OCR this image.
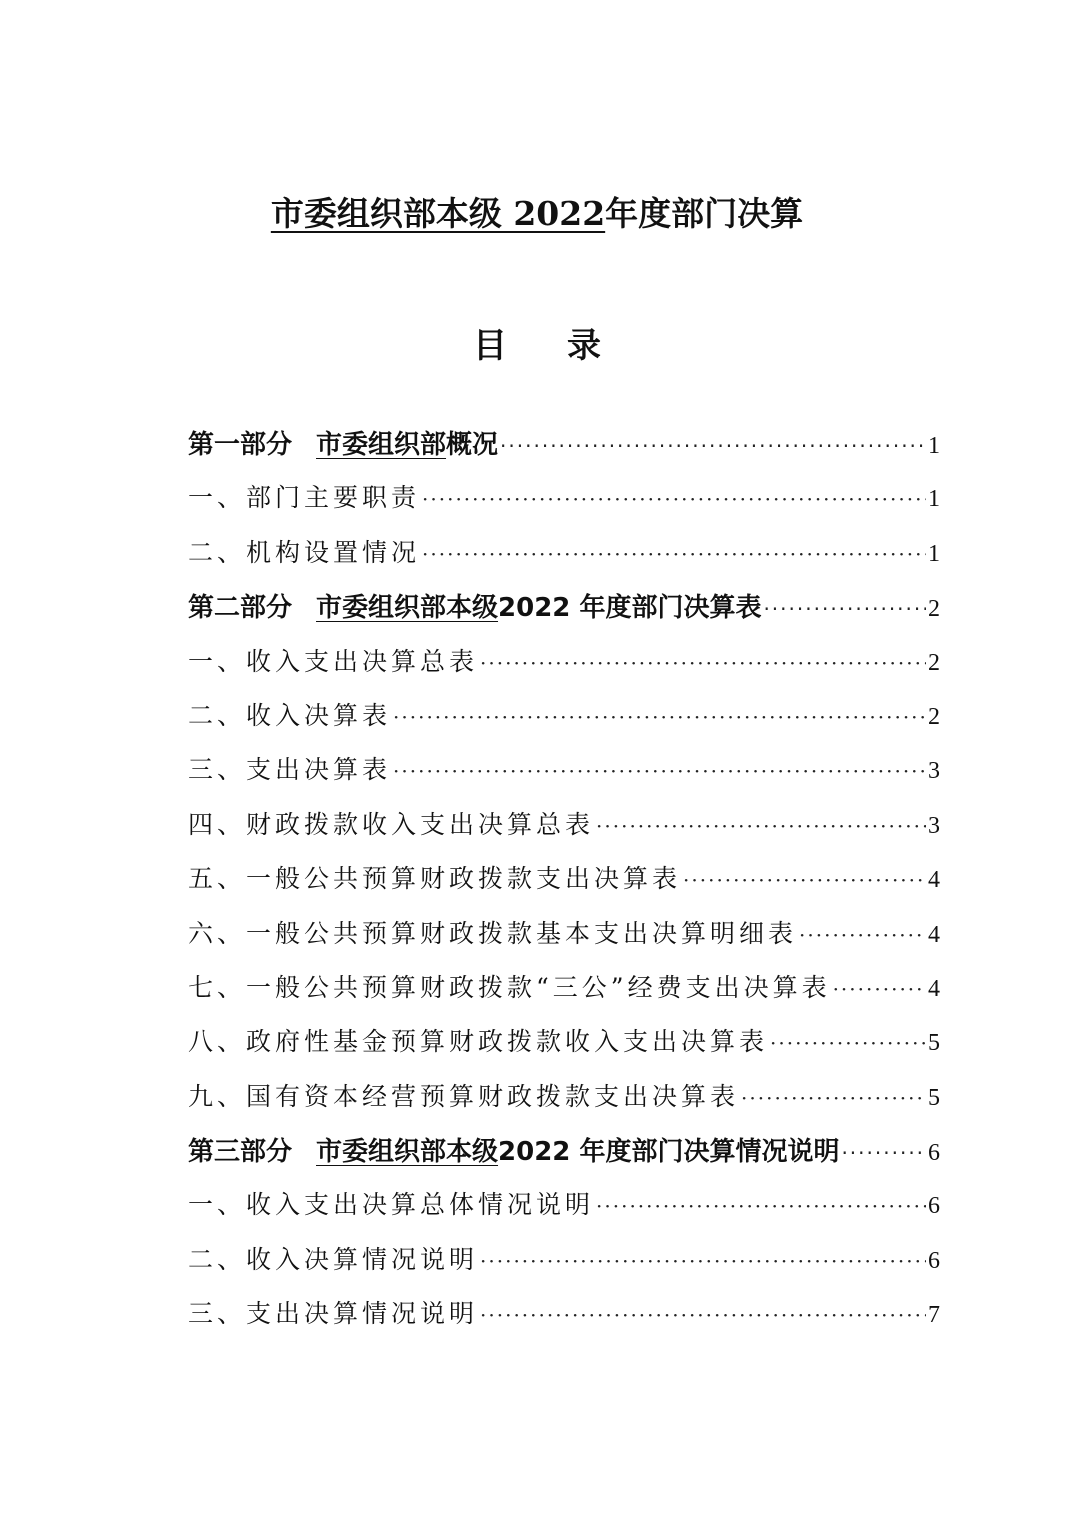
市委组织部本级 2022年度部门决算
目录
第一部分 市委组织部概况 ·····	1
一、部门主要职责 ·····	1
二、机构设置情况 ·····	1
第二部分 市委组织部本级2022 年度部门决算表 ·····	2
一、收入支出决算总表 ·····	2
二、收入决算表 ·····	2
三、支出决算表 ·····	3
四、财政拨款收入支出决算总表 ·····	3
五、一般公共预算财政拨款支出决算表 ·····	4
六、一般公共预算财政拨款基本支出决算明细表 ·····	4
七、一般公共预算财政拨款“三公”经费支出决算表 ·····	4
八、政府性基金预算财政拨款收入支出决算表 ·····	5
九、国有资本经营预算财政拨款支出决算表 ·····	5
第三部分 市委组织部本级2022 年度部门决算情况说明 ·····	6
一、收入支出决算总体情况说明 ·····	6
二、收入决算情况说明 ·····	6
三、支出决算情况说明 ·····	7
